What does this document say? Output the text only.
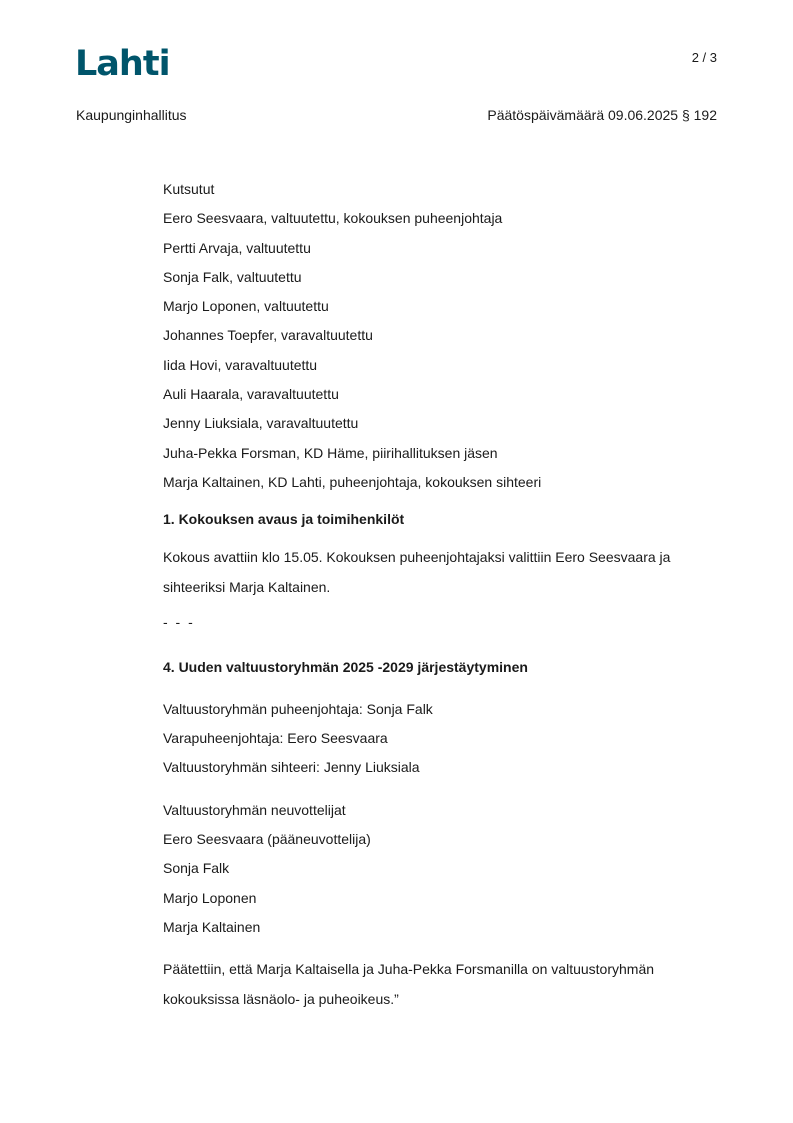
Lahti	2 / 3
Kaupunginhallitus	Päätöspäivämäärä 09.06.2025 § 192
Kutsutut
Eero Seesvaara, valtuutettu, kokouksen puheenjohtaja
Pertti Arvaja, valtuutettu
Sonja Falk, valtuutettu
Marjo Loponen, valtuutettu
Johannes Toepfer, varavaltuutettu
Iida Hovi, varavaltuutettu
Auli Haarala, varavaltuutettu
Jenny Liuksiala, varavaltuutettu
Juha-Pekka Forsman, KD Häme, piirihallituksen jäsen
Marja Kaltainen, KD Lahti, puheenjohtaja, kokouksen sihteeri
1. Kokouksen avaus ja toimihenkilöt
Kokous avattiin klo 15.05. Kokouksen puheenjohtajaksi valittiin Eero Seesvaara ja
sihteeriksi Marja Kaltainen.
- - -
4. Uuden valtuustoryhmän 2025 -2029 järjestäytyminen
Valtuustoryhmän puheenjohtaja: Sonja Falk
Varapuheenjohtaja: Eero Seesvaara
Valtuustoryhmän sihteeri: Jenny Liuksiala
Valtuustoryhmän neuvottelijat
Eero Seesvaara (pääneuvottelija)
Sonja Falk
Marjo Loponen
Marja Kaltainen
Päätettiin, että Marja Kaltaisella ja Juha-Pekka Forsmanilla on valtuustoryhmän
kokouksissa läsnäolo- ja puheoikeus.”
